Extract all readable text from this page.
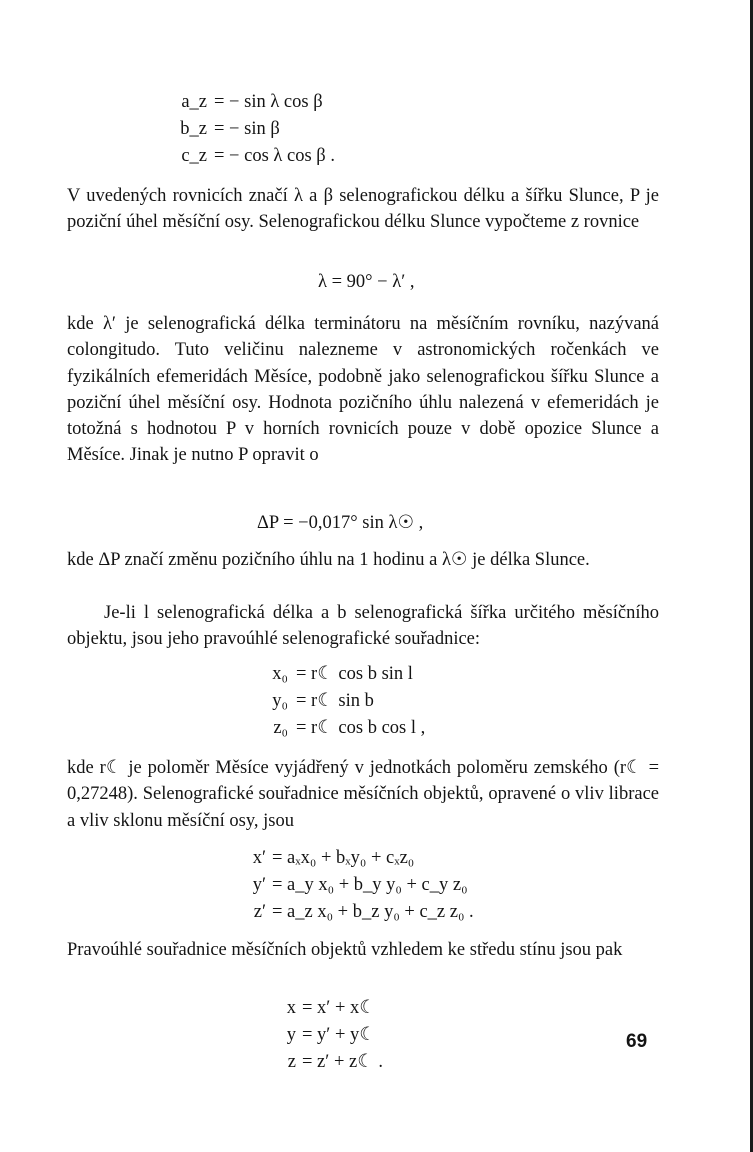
a_z = − sin λ cos β
b_z = − sin β
c_z = − cos λ cos β .

V uvedených rovnicích značí λ a β selenografickou délku a šířku Slunce, P je poziční úhel měsíční osy. Selenografickou délku Slunce vypočteme z rovnice

λ = 90° − λ′ ,

kde λ′ je selenografická délka terminátoru na měsíčním rovníku, nazývaná colongitudo. Tuto veličinu nalezneme v astronomických ročenkách ve fyzikálních efemeridách Měsíce, podobně jako selenografickou šířku Slunce a poziční úhel měsíční osy. Hodnota pozičního úhlu nalezená v efemeridách je totožná s hodnotou P v horních rovnicích pouze v době opozice Slunce a Měsíce. Jinak je nutno P opravit o

ΔP = −0,017° sin λ☉ ,

kde ΔP značí změnu pozičního úhlu na 1 hodinu a λ☉ je délka Slunce.

Je-li l selenografická délka a b selenografická šířka určitého měsíčního objektu, jsou jeho pravoúhlé selenografické souřadnice:

x₀ = r☾ cos b sin l
y₀ = r☾ sin b
z₀ = r☾ cos b cos l ,

kde r☾ je poloměr Měsíce vyjádřený v jednotkách poloměru zemského (r☾ = 0,27248). Selenografické souřadnice měsíčních objektů, opravené o vliv librace a vliv sklonu měsíční osy, jsou

x′ = aₓx₀ + bₓy₀ + cₓz₀
y′ = a_y x₀ + b_y y₀ + c_y z₀
z′ = a_z x₀ + b_z y₀ + c_z z₀ .

Pravoúhlé souřadnice měsíčních objektů vzhledem ke středu stínu jsou pak

x = x′ + x☾
y = y′ + y☾
z = z′ + z☾ .
69
